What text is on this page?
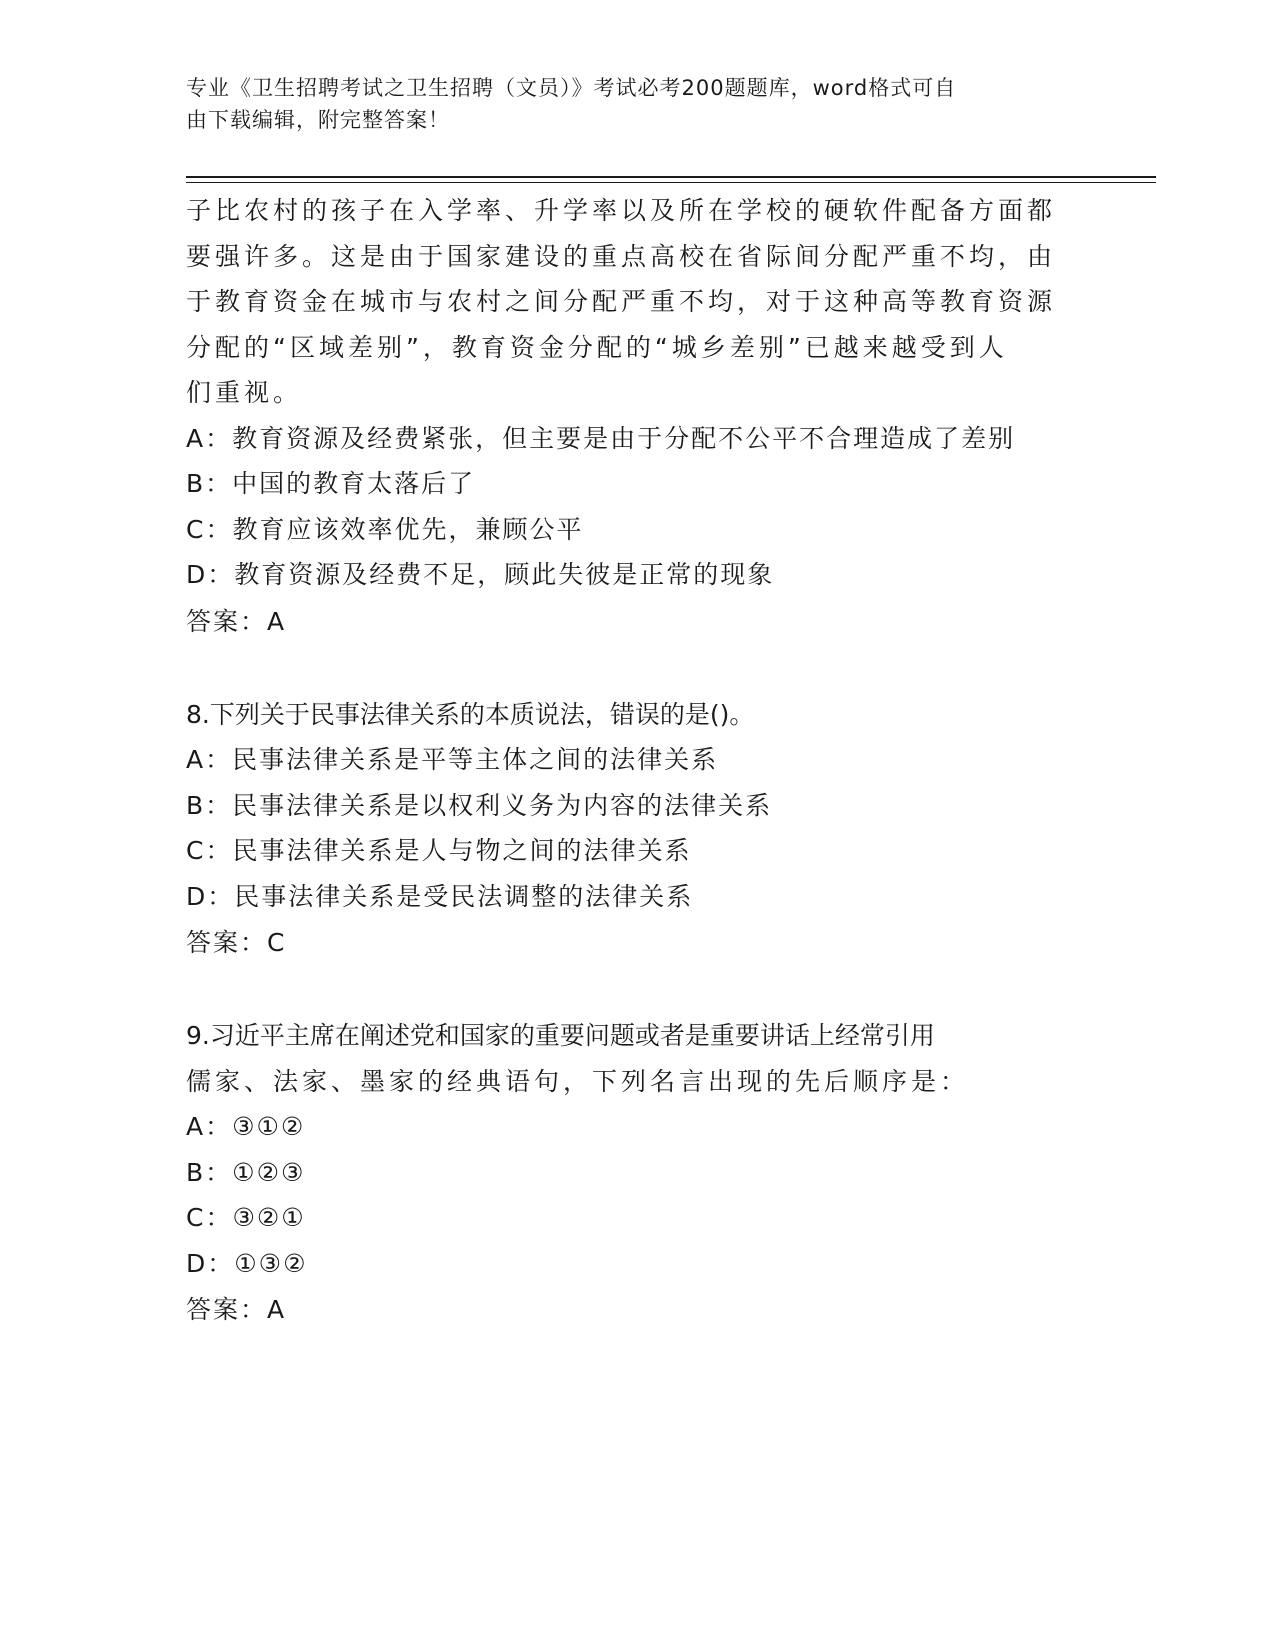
专业《卫生招聘考试之卫生招聘（文员）》考试必考200题题库，word格式可自
由下载编辑，附完整答案！
子比农村的孩子在入学率、升学率以及所在学校的硬软件配备方面都
要强许多。这是由于国家建设的重点高校在省际间分配严重不均，由
于教育资金在城市与农村之间分配严重不均，对于这种高等教育资源
分配的“区域差别”，教育资金分配的“城乡差别”已越来越受到人
们重视。
A：教育资源及经费紧张，但主要是由于分配不公平不合理造成了差别
B：中国的教育太落后了
C：教育应该效率优先，兼顾公平
D：教育资源及经费不足，顾此失彼是正常的现象
答案：A
8.下列关于民事法律关系的本质说法，错误的是()。
A：民事法律关系是平等主体之间的法律关系
B：民事法律关系是以权利义务为内容的法律关系
C：民事法律关系是人与物之间的法律关系
D：民事法律关系是受民法调整的法律关系
答案：C
9.习近平主席在阐述党和国家的重要问题或者是重要讲话上经常引用
儒家、法家、墨家的经典语句，下列名言出现的先后顺序是：
A：③①②
B：①②③
C：③②①
D：①③②
答案：A
